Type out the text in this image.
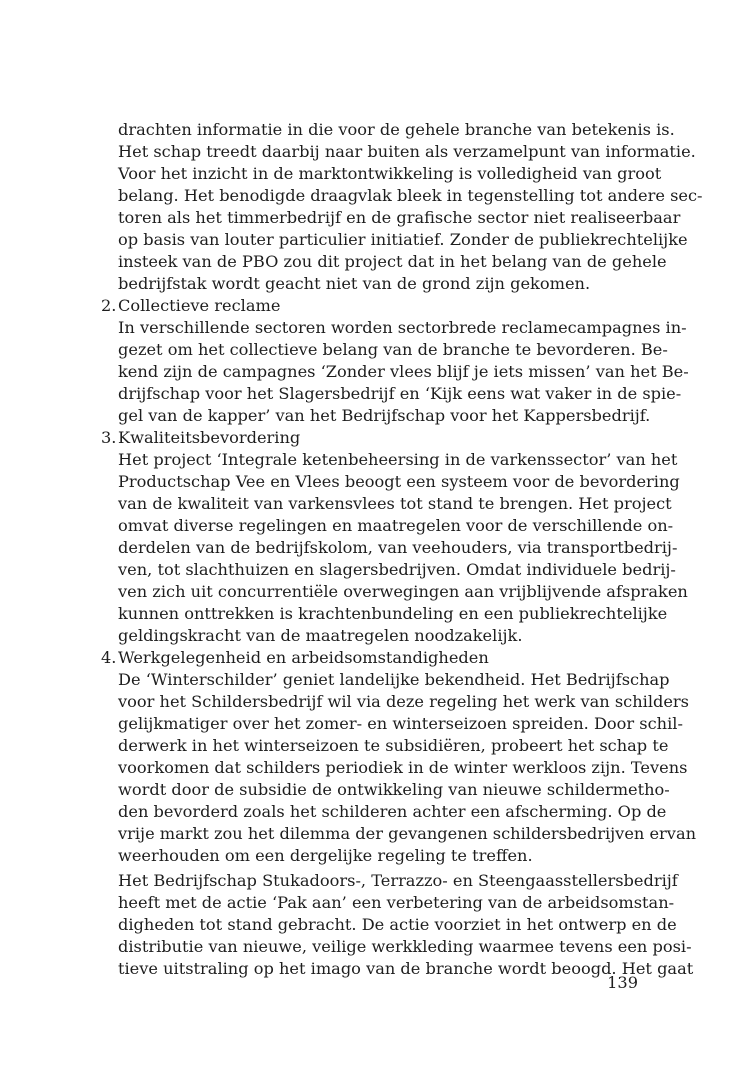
drachten informatie in die voor de gehele branche van betekenis is.
Het schap treedt daarbij naar buiten als verzamelpunt van informatie.
Voor het inzicht in de marktontwikkeling is volledigheid van groot
belang. Het benodigde draagvlak bleek in tegenstelling tot andere sec-
toren als het timmerbedrijf en de grafische sector niet realiseerbaar
op basis van louter particulier initiatief. Zonder de publiekrechtelijke
insteek van de PBO zou dit project dat in het belang van de gehele
bedrijfstak wordt geacht niet van de grond zijn gekomen.
2. Collectieve reclame
In verschillende sectoren worden sectorbrede reclamecampagnes in-
gezet om het collectieve belang van de branche te bevorderen. Be-
kend zijn de campagnes ‘Zonder vlees blijf je iets missen’ van het Be-
drijfschap voor het Slagersbedrijf en ‘Kijk eens wat vaker in de spie-
gel van de kapper’ van het Bedrijfschap voor het Kappersbedrijf.
3. Kwaliteitsbevordering
Het project ‘Integrale ketenbeheersing in de varkenssector’ van het
Productschap Vee en Vlees beoogt een systeem voor de bevordering
van de kwaliteit van varkensvlees tot stand te brengen. Het project
omvat diverse regelingen en maatregelen voor de verschillende on-
derdelen van de bedrijfskolom, van veehouders, via transportbedrij-
ven, tot slachthuizen en slagersbedrijven. Omdat individuele bedrij-
ven zich uit concurrentiële overwegingen aan vrijblijvende afspraken
kunnen onttrekken is krachtenbundeling en een publiekrechtelijke
geldingskracht van de maatregelen noodzakelijk.
4. Werkgelegenheid en arbeidsomstandigheden
De ‘Winterschilder’ geniet landelijke bekendheid. Het Bedrijfschap
voor het Schildersbedrijf wil via deze regeling het werk van schilders
gelijkmatiger over het zomer- en winterseizoen spreiden. Door schil-
derwerk in het winterseizoen te subsidiëren, probeert het schap te
voorkomen dat schilders periodiek in de winter werkloos zijn. Tevens
wordt door de subsidie de ontwikkeling van nieuwe schildermetho-
den bevorderd zoals het schilderen achter een afscherming. Op de
vrije markt zou het dilemma der gevangenen schildersbedrijven ervan
weerhouden om een dergelijke regeling te treffen.
Het Bedrijfschap Stukadoors-, Terrazzo- en Steengaasstellersbedrijf
heeft met de actie ‘Pak aan’ een verbetering van de arbeidsomstan-
digheden tot stand gebracht. De actie voorziet in het ontwerp en de
distributie van nieuwe, veilige werkkleding waarmee tevens een posi-
tieve uitstraling op het imago van de branche wordt beoogd. Het gaat
139
